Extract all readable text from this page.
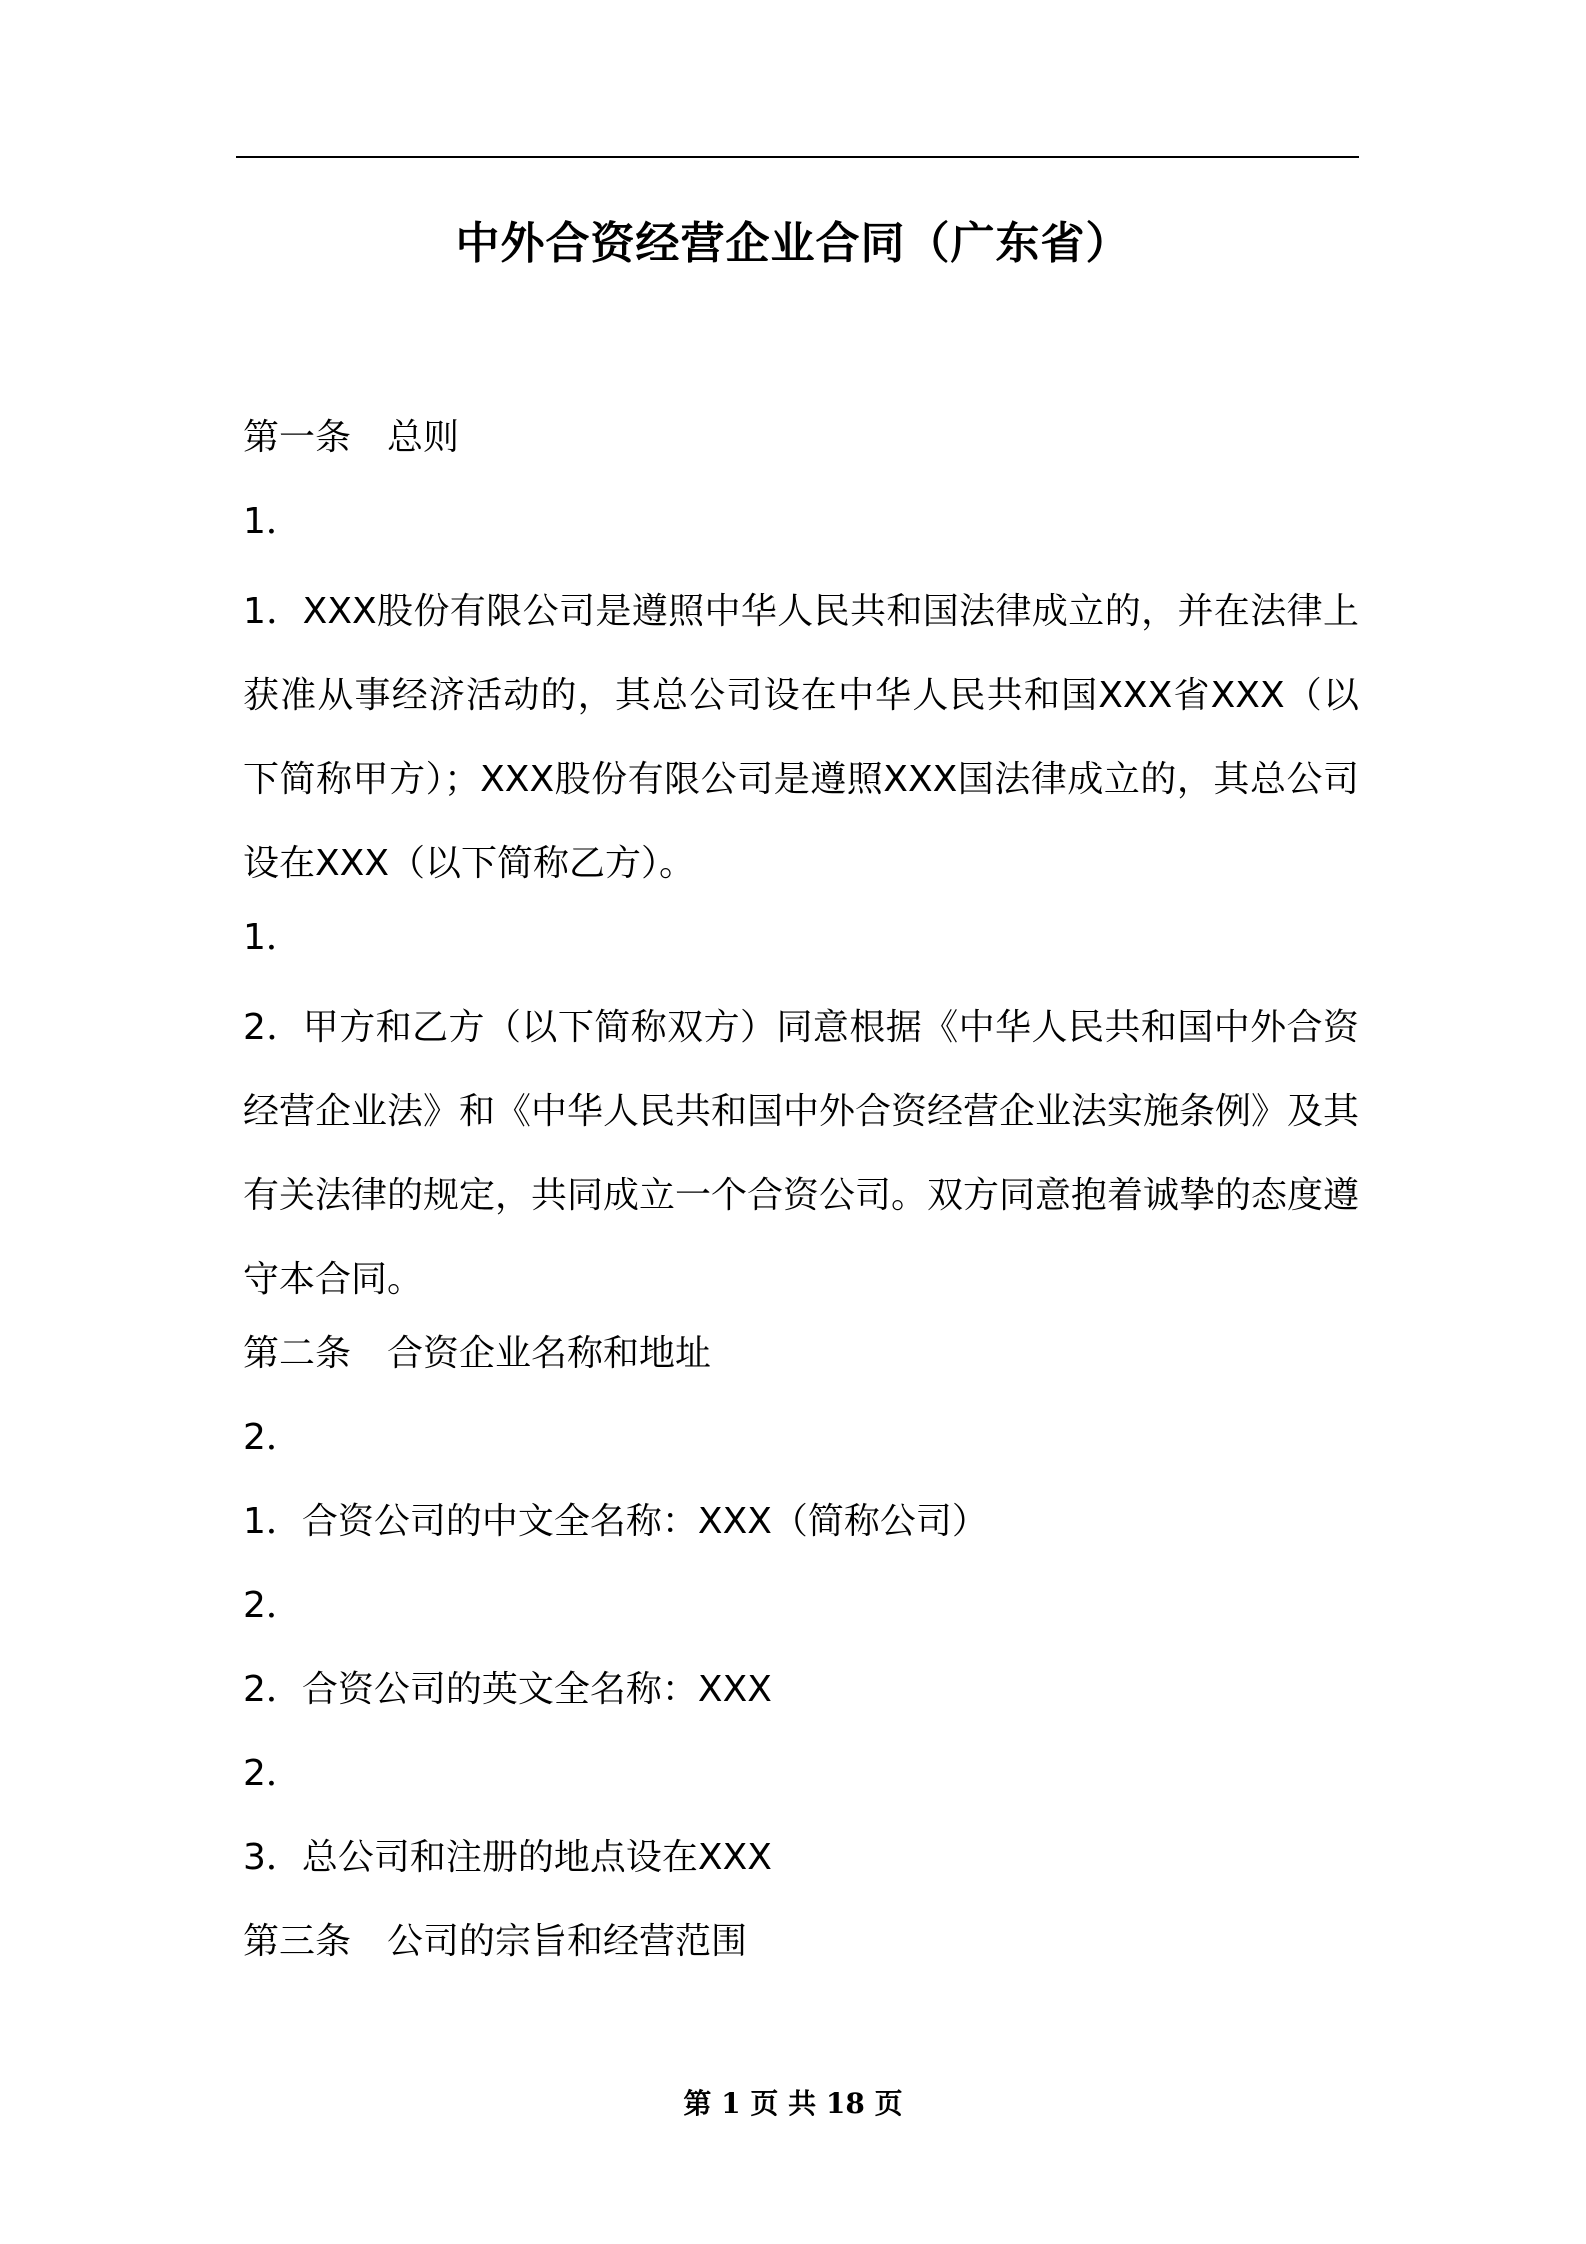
中外合资经营企业合同（广东省）
第一条　总则
1．
1．XXX股份有限公司是遵照中华人民共和国法律成立的，并在法律上获准从事经济活动的，其总公司设在中华人民共和国XXX省XXX（以下简称甲方）；XXX股份有限公司是遵照XXX国法律成立的，其总公司设在XXX（以下简称乙方）。
1．
2．甲方和乙方（以下简称双方）同意根据《中华人民共和国中外合资经营企业法》和《中华人民共和国中外合资经营企业法实施条例》及其有关法律的规定，共同成立一个合资公司。双方同意抱着诚挚的态度遵守本合同。
第二条　合资企业名称和地址
2．
1．合资公司的中文全名称：XXX（简称公司）
2．
2．合资公司的英文全名称：XXX
2．
3．总公司和注册的地点设在XXX
第三条　公司的宗旨和经营范围
第 1 页 共 18 页
